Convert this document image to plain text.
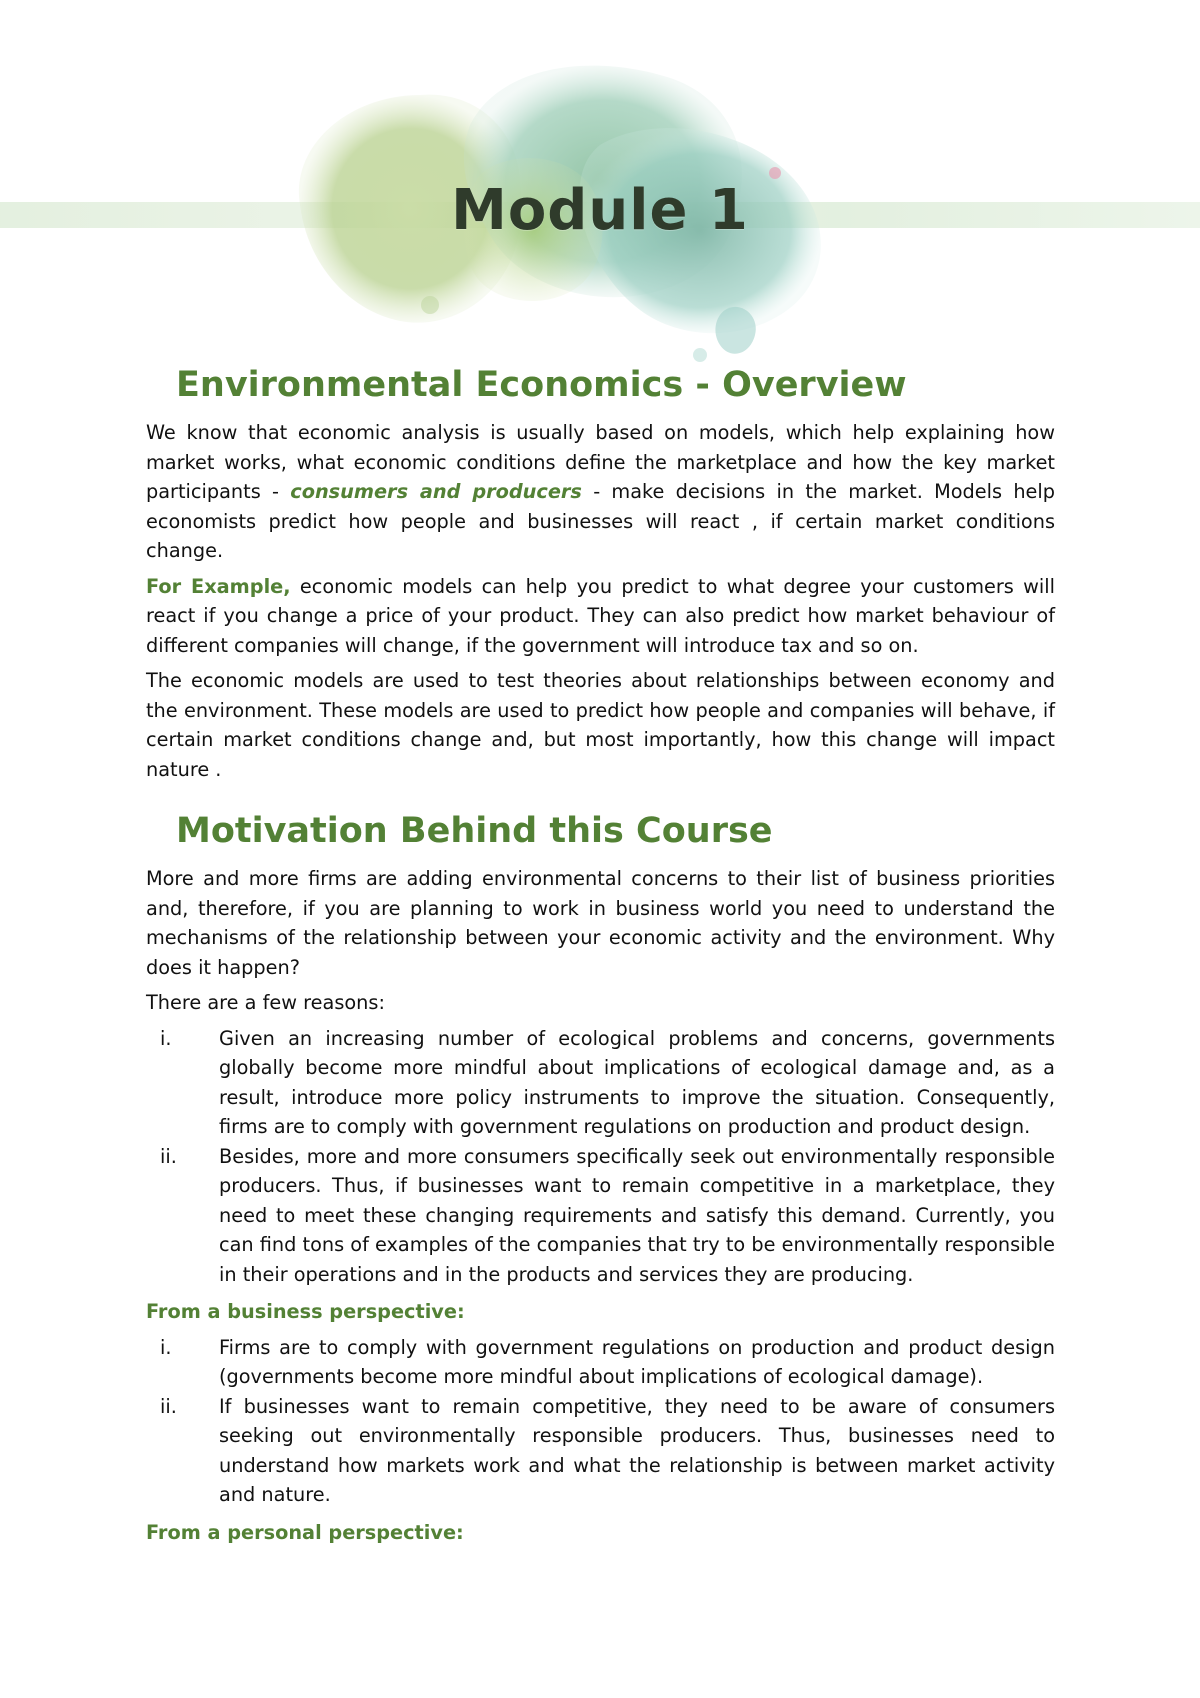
Module 1
Environmental Economics - Overview

We know that economic analysis is usually based on models, which help explaining how market works, what economic conditions define the marketplace and how the key market participants - consumers and producers - make decisions in the market. Models help economists predict how people and businesses will react , if certain market conditions change.

For Example, economic models can help you predict to what degree your customers will react if you change a price of your product. They can also predict how market behaviour of different companies will change, if the government will introduce tax and so on.

The economic models are used to test theories about relationships between economy and the environment. These models are used to predict how people and companies will behave, if certain market conditions change and, but most importantly, how this change will impact nature .

Motivation Behind this Course

More and more firms are adding environmental concerns to their list of business priorities and, therefore, if you are planning to work in business world you need to understand the mechanisms of the relationship between your economic activity and the environment. Why does it happen?

There are a few reasons:

i.	Given an increasing number of ecological problems and concerns, governments globally become more mindful about implications of ecological damage and, as a result, introduce more policy instruments to improve the situation. Consequently, firms are to comply with government regulations on production and product design.
ii.	Besides, more and more consumers specifically seek out environmentally responsible producers. Thus, if businesses want to remain competitive in a marketplace, they need to meet these changing requirements and satisfy this demand. Currently, you can find tons of examples of the companies that try to be environmentally responsible in their operations and in the products and services they are producing.

From a business perspective:

i.	Firms are to comply with government regulations on production and product design (governments become more mindful about implications of ecological damage).
ii.	If businesses want to remain competitive, they need to be aware of consumers seeking out environmentally responsible producers. Thus, businesses need to understand how markets work and what the relationship is between market activity and nature.

From a personal perspective:
